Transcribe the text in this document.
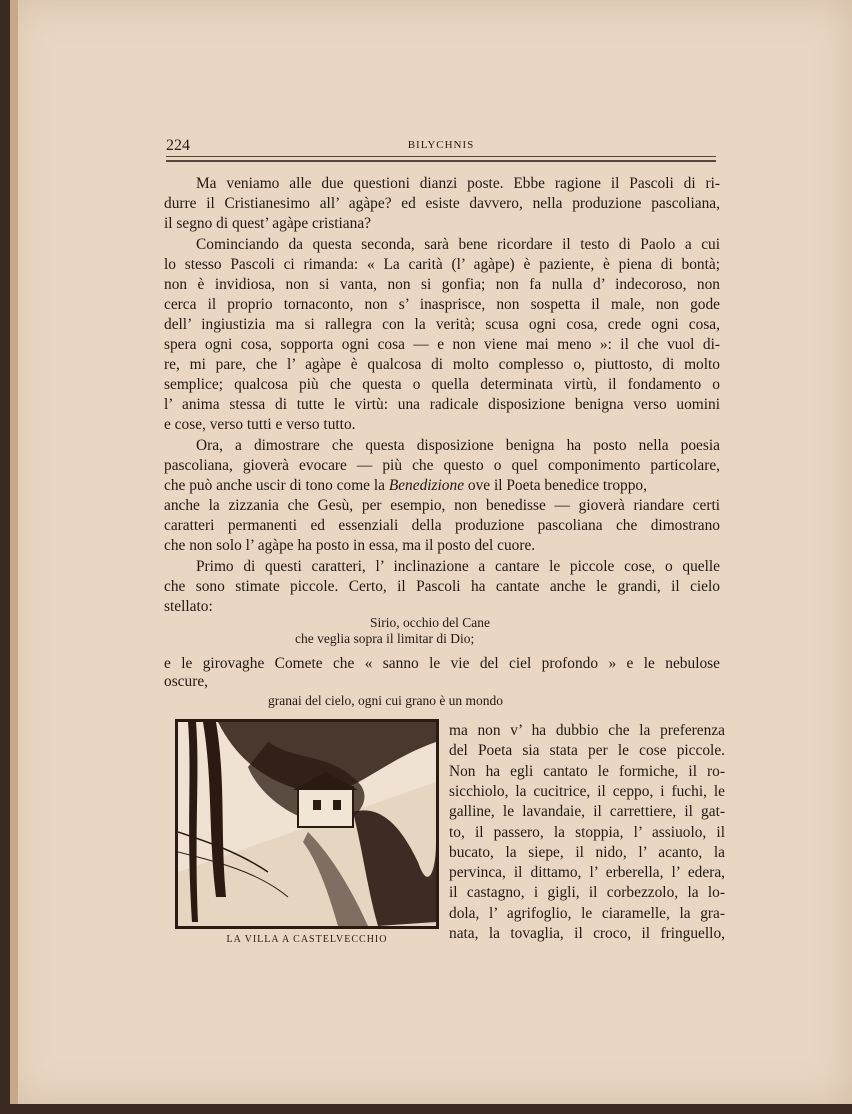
224	BILYCHNIS
Ma veniamo alle due questioni dianzi poste. Ebbe ragione il Pascoli di ri-
durre il Cristianesimo all’ agàpe? ed esiste davvero, nella produzione pascoliana,
il segno di quest’ agàpe cristiana?
Cominciando da questa seconda, sarà bene ricordare il testo di Paolo a cui
lo stesso Pascoli ci rimanda: « La carità (l’ agàpe) è paziente, è piena di bontà;
non è invidiosa, non si vanta, non si gonfia; non fa nulla d’ indecoroso, non
cerca il proprio tornaconto, non s’ inasprisce, non sospetta il male, non gode
dell’ ingiustizia ma si rallegra con la verità; scusa ogni cosa, crede ogni cosa,
spera ogni cosa, sopporta ogni cosa — e non viene mai meno »: il che vuol di-
re, mi pare, che l’ agàpe è qualcosa di molto complesso o, piuttosto, di molto
semplice; qualcosa più che questa o quella determinata virtù, il fondamento o
l’ anima stessa di tutte le virtù: una radicale disposizione benigna verso uomini
e cose, verso tutti e verso tutto.
Ora, a dimostrare che questa disposizione benigna ha posto nella poesia
pascoliana, gioverà evocare — più che questo o quel componimento particolare,
che può anche uscir di tono come la Benedizione ove il Poeta benedice troppo,
anche la zizzania che Gesù, per esempio, non benedisse — gioverà riandare certi
caratteri permanenti ed essenziali della produzione pascoliana che dimostrano
che non solo l’ agàpe ha posto in essa, ma il posto del cuore.
Primo di questi caratteri, l’ inclinazione a cantare le piccole cose, o quelle
che sono stimate piccole. Certo, il Pascoli ha cantate anche le grandi, il cielo
stellato:
Sirio, occhio del Cane
che veglia sopra il limitar di Dio;
e le girovaghe Comete che « sanno le vie del ciel profondo » e le nebulose
oscure,
granai del cielo, ogni cui grano è un mondo
LA VILLA A CASTELVECCHIO
ma non v’ ha dubbio che la preferenza
del Poeta sia stata per le cose piccole.
Non ha egli cantato le formiche, il ro-
sicchiolo, la cucitrice, il ceppo, i fuchi, le
galline, le lavandaie, il carrettiere, il gat-
to, il passero, la stoppia, l’ assiuolo, il
bucato, la siepe, il nido, l’ acanto, la
pervinca, il dittamo, l’ erberella, l’ edera,
il castagno, i gigli, il corbezzolo, la lo-
dola, l’ agrifoglio, le ciaramelle, la gra-
nata, la tovaglia, il croco, il fringuello,
